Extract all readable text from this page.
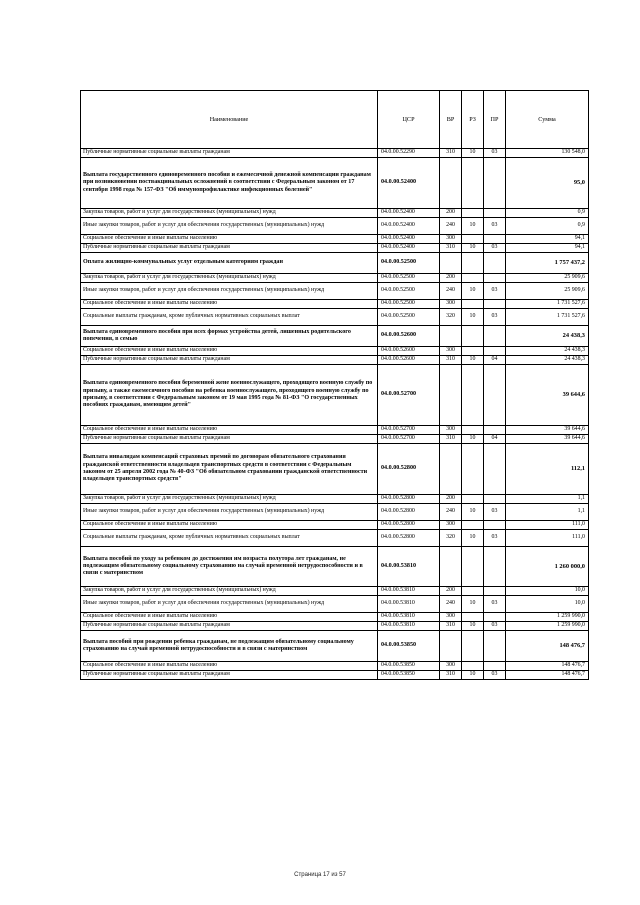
Наименование	ЦСР	ВР	РЗ	ПР	Сумма
Публичные нормативные социальные выплаты гражданам	04.0.00.52290	310	10	03	130 548,0
Выплата государственного единовременного пособия и ежемесячной денежной компенсации гражданам при возникновении поствакцинальных осложнений в соответствии с Федеральным законом от 17 сентября 1998 года № 157-ФЗ "Об иммунопрофилактике инфекционных болезней"	04.0.00.52400				95,0
Закупка товаров, работ и услуг для государственных (муниципальных) нужд	04.0.00.52400	200			0,9
Иные закупки товаров, работ и услуг для обеспечения государственных (муниципальных) нужд	04.0.00.52400	240	10	03	0,9
Социальное обеспечение и иные выплаты населению	04.0.00.52400	300			94,1
Публичные нормативные социальные выплаты гражданам	04.0.00.52400	310	10	03	94,1
Оплата жилищно-коммунальных услуг отдельным категориям граждан	04.0.00.52500				1 757 437,2
Закупка товаров, работ и услуг для государственных (муниципальных) нужд	04.0.00.52500	200			25 909,6
Иные закупки товаров, работ и услуг для обеспечения государственных (муниципальных) нужд	04.0.00.52500	240	10	03	25 909,6
Социальное обеспечение и иные выплаты населению	04.0.00.52500	300			1 731 527,6
Социальные выплаты гражданам, кроме публичных нормативных социальных выплат	04.0.00.52500	320	10	03	1 731 527,6
Выплата единовременного пособия при всех формах устройства детей, лишенных родительского попечения, в семью	04.0.00.52600				24 438,3
Социальное обеспечение и иные выплаты населению	04.0.00.52600	300			24 438,3
Публичные нормативные социальные выплаты гражданам	04.0.00.52600	310	10	04	24 438,3
Выплата единовременного пособия беременной жене военнослужащего, проходящего военную службу по призыву, а также ежемесячного пособия на ребенка военнослужащего, проходящего военную службу по призыву, в соответствии с Федеральным законом от 19 мая 1995 года № 81-ФЗ "О государственных пособиях гражданам, имеющим детей"	04.0.00.52700				39 644,6
Социальное обеспечение и иные выплаты населению	04.0.00.52700	300			39 644,6
Публичные нормативные социальные выплаты гражданам	04.0.00.52700	310	10	04	39 644,6
Выплата инвалидам компенсаций страховых премий по договорам обязательного страхования гражданской ответственности владельцев транспортных средств в соответствии с Федеральным законом от 25 апреля 2002 года № 40-ФЗ "Об обязательном страховании гражданской ответственности владельцев транспортных средств"	04.0.00.52800				112,1
Закупка товаров, работ и услуг для государственных (муниципальных) нужд	04.0.00.52800	200			1,1
Иные закупки товаров, работ и услуг для обеспечения государственных (муниципальных) нужд	04.0.00.52800	240	10	03	1,1
Социальное обеспечение и иные выплаты населению	04.0.00.52800	300			111,0
Социальные выплаты гражданам, кроме публичных нормативных социальных выплат	04.0.00.52800	320	10	03	111,0
Выплата пособий по уходу за ребенком до достижения им возраста полутора лет гражданам, не подлежащим обязательному социальному страхованию на случай временной нетрудоспособности и в связи с материнством	04.0.00.53810				1 260 000,0
Закупка товаров, работ и услуг для государственных (муниципальных) нужд	04.0.00.53810	200			10,0
Иные закупки товаров, работ и услуг для обеспечения государственных (муниципальных) нужд	04.0.00.53810	240	10	03	10,0
Социальное обеспечение и иные выплаты населению	04.0.00.53810	300			1 259 990,0
Публичные нормативные социальные выплаты гражданам	04.0.00.53810	310	10	03	1 259 990,0
Выплата пособий при рождении ребенка гражданам, не подлежащим обязательному социальному страхованию на случай временной нетрудоспособности и в связи с материнством	04.0.00.53850				148 476,7
Социальное обеспечение и иные выплаты населению	04.0.00.53850	300			148 476,7
Публичные нормативные социальные выплаты гражданам	04.0.00.53850	310	10	03	148 476,7
Страница 17 из 57
